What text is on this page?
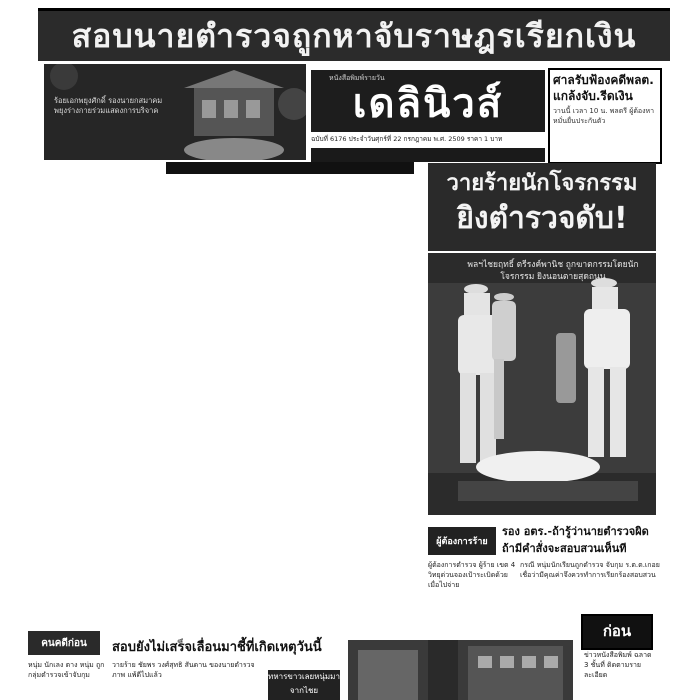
สอบนายตำรวจถูกหาจับราษฎรเรียกเงิน
ร้อยเอกพยุงศักดิ์ รองนายกสมาคมพยุงร่างกายร่วมแสดงการบริจาค
หนังสือพิมพ์รายวัน
เดลินิวส์
ฉบับที่ 6176 ประจำวันศุกร์ที่ 22 กรกฎาคม พ.ศ. 2509 ราคา 1 บาท
ศาลรับฟ้องคดีพลต. แกล้งจับ.รีดเงิน
วานนี้ เวลา 10 น. พลตรี ผู้ต้องหาหมั่นยื่นประกันตัว
วายร้ายนักโจรกรรม
ยิงตำรวจดับ!
พลฯไชยฤทธิ์ ตรีรงค์พานิช ถูกฆาตกรรมโดยนักโจรกรรม ยิงนอนตายสุดถนน
ผู้ต้องการร้าย
รอง อตร.-ถ้ารู้ว่านายตำรวจผิด
ถ้ามีคำสั่งจะสอบสวนเห็นที
ผู้ต้องการตำรวจ ผู้ร้าย เขต 4 วิทยุด่วนจองเป้าระเบิดด้วย เมื่อไปจ่าย
กรณี หนุ่มนักเรียนถูกตำรวจ จับกุม ร.ต.ต.เกอยเชื่อว่ามีคุณค่าจึงควรทำการเรียกร้องสอบสวน
คนคดีก่อน
หนุ่ม นักเลง ตาง หนุ่ม ถูกกลุ่มตำรวจเข้าจับกุม
สอบยังไม่เสร็จเลื่อนมาชี้ที่เกิดเหตุวันนี้
วายร้าย ชัยพร วงศ์สุทธิ สันดาน ของนายตำรวจภาพ แพ้ดีไปแล้ว	ทหารขาวเลยหนุ่มมาจากไชย
ก่อน
ข่าวหนังสือพิมพ์ ฉลาด 3 ชั้นที่ ติดตามรายละเอียด
